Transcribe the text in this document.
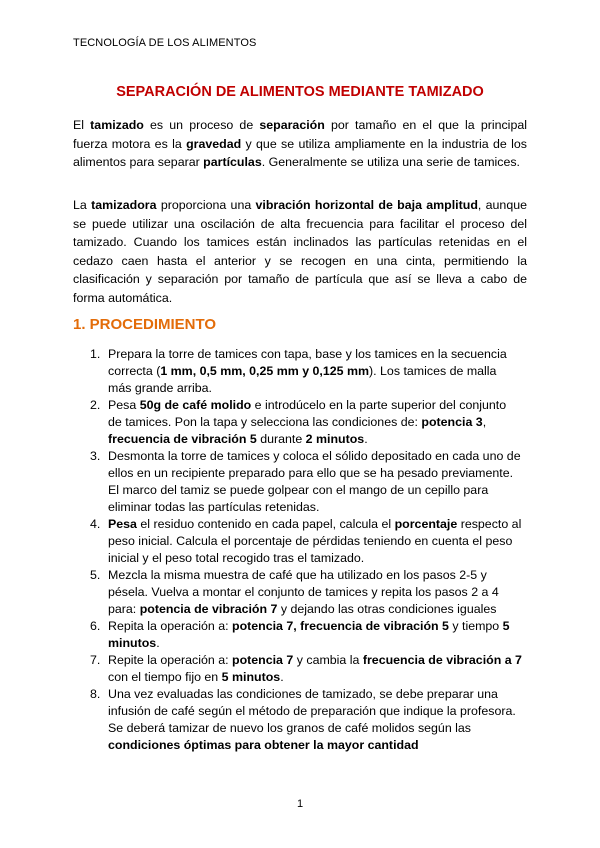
TECNOLOGÍA DE LOS ALIMENTOS
SEPARACIÓN DE ALIMENTOS MEDIANTE TAMIZADO

El tamizado es un proceso de separación por tamaño en el que la principal fuerza motora es la gravedad y que se utiliza ampliamente en la industria de los alimentos para separar partículas. Generalmente se utiliza una serie de tamices.

La tamizadora proporciona una vibración horizontal de baja amplitud, aunque se puede utilizar una oscilación de alta frecuencia para facilitar el proceso del tamizado. Cuando los tamices están inclinados las partículas retenidas en el cedazo caen hasta el anterior y se recogen en una cinta, permitiendo la clasificación y separación por tamaño de partícula que así se lleva a cabo de forma automática.

1. PROCEDIMIENTO
1. Prepara la torre de tamices con tapa, base y los tamices en la secuencia correcta (1 mm, 0,5 mm, 0,25 mm y 0,125 mm). Los tamices de malla más grande arriba.
2. Pesa 50g de café molido e introdúcelo en la parte superior del conjunto de tamices. Pon la tapa y selecciona las condiciones de: potencia 3, frecuencia de vibración 5 durante 2 minutos.
3. Desmonta la torre de tamices y coloca el sólido depositado en cada uno de ellos en un recipiente preparado para ello que se ha pesado previamente. El marco del tamiz se puede golpear con el mango de un cepillo para eliminar todas las partículas retenidas.
4. Pesa el residuo contenido en cada papel, calcula el porcentaje respecto al peso inicial. Calcula el porcentaje de pérdidas teniendo en cuenta el peso inicial y el peso total recogido tras el tamizado.
5. Mezcla la misma muestra de café que ha utilizado en los pasos 2-5 y pésela. Vuelva a montar el conjunto de tamices y repita los pasos 2 a 4 para: potencia de vibración 7 y dejando las otras condiciones iguales
6. Repita la operación a: potencia 7, frecuencia de vibración 5 y tiempo 5 minutos.
7. Repite la operación a: potencia 7 y cambia la frecuencia de vibración a 7 con el tiempo fijo en 5 minutos.
8. Una vez evaluadas las condiciones de tamizado, se debe preparar una infusión de café según el método de preparación que indique la profesora. Se deberá tamizar de nuevo los granos de café molidos según las condiciones óptimas para obtener la mayor cantidad
1
